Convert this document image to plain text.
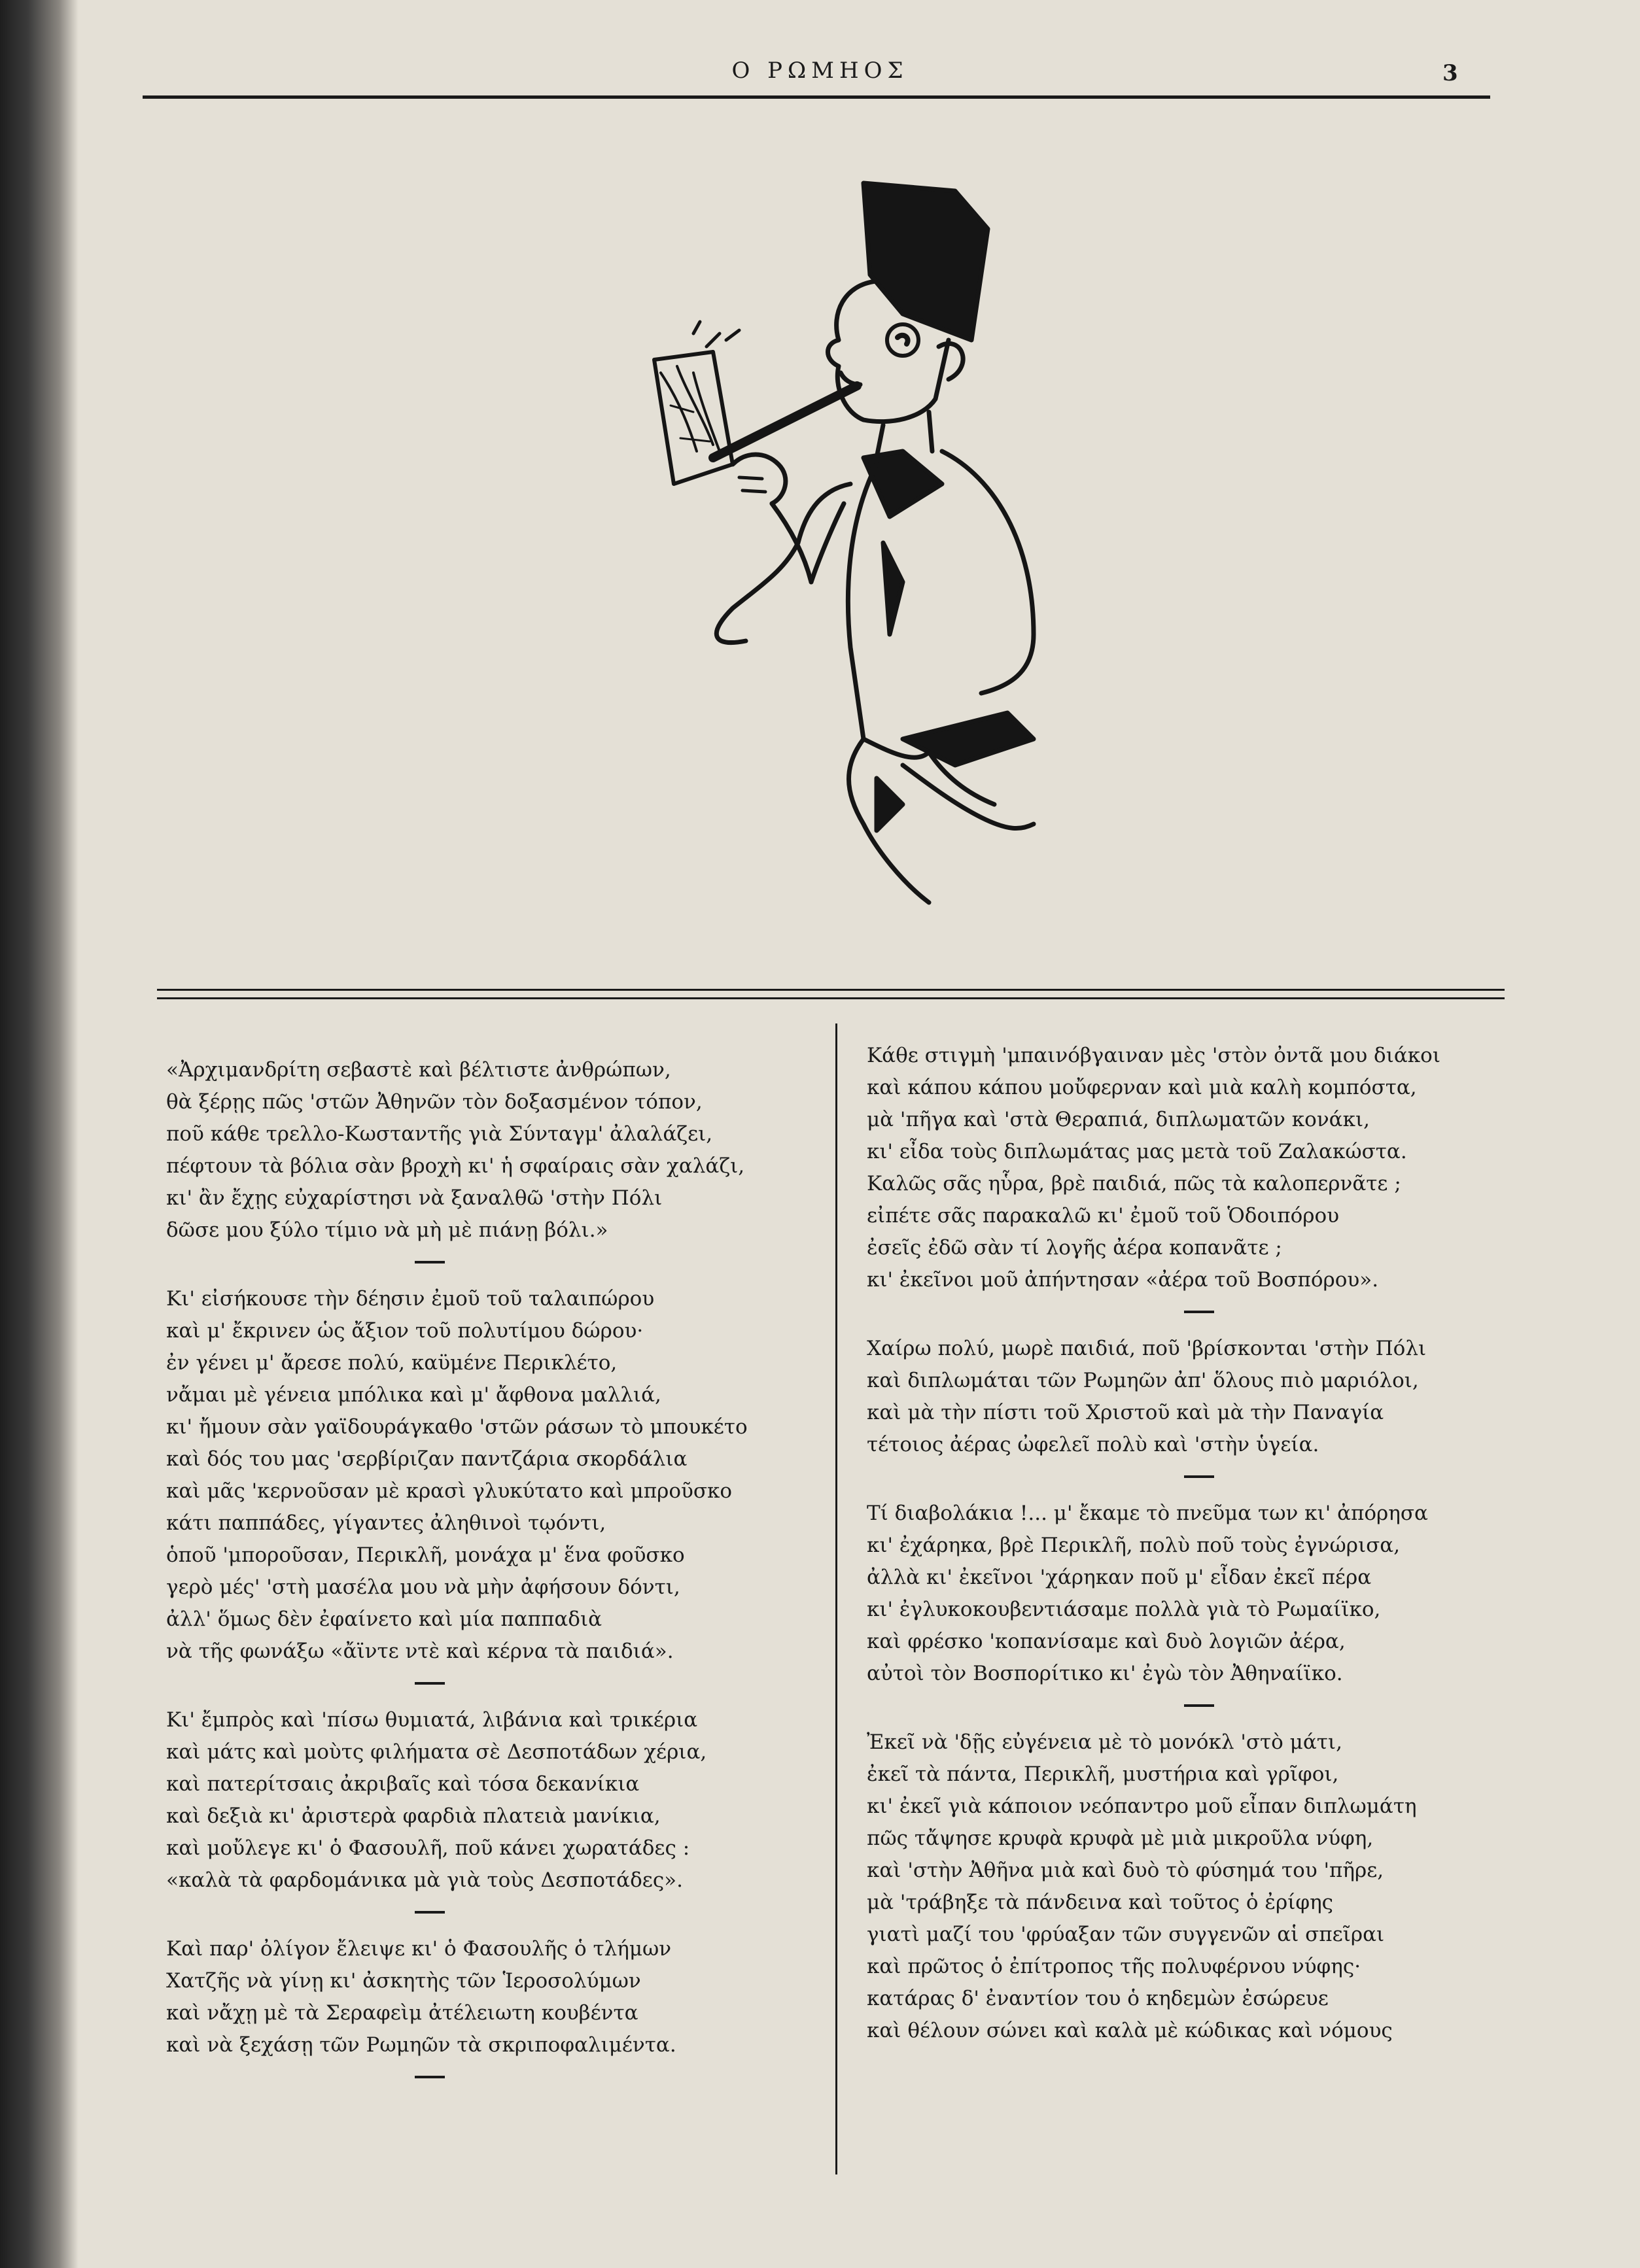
Ο ΡΩΜΗΟΣ	3
«Ἀρχιμανδρίτη σεβαστὲ καὶ βέλτιστε ἀνθρώπων,
θὰ ξέρῃς πῶς 'στῶν Ἀθηνῶν τὸν δοξασμένον τόπον,
ποῦ κάθε τρελλο-Κωσταντῆς γιὰ Σύνταγμ' ἀλαλάζει,
πέφτουν τὰ βόλια σὰν βροχὴ κι' ἡ σφαίραις σὰν χαλάζι,
κι' ἂν ἔχῃς εὐχαρίστησι νὰ ξαναλθῶ 'στὴν Πόλι
δῶσε μου ξύλο τίμιο νὰ μὴ μὲ πιάνῃ βόλι.»
Κι' εἰσήκουσε τὴν δέησιν ἐμοῦ τοῦ ταλαιπώρου
καὶ μ' ἔκρινεν ὡς ἄξιον τοῦ πολυτίμου δώρου·
ἐν γένει μ' ἄρεσε πολύ, καϋμένε Περικλέτο,
νἄμαι μὲ γένεια μπόλικα καὶ μ' ἄφθονα μαλλιά,
κι' ἤμουν σὰν γαϊδουράγκαθο 'στῶν ράσων τὸ μπουκέτο
καὶ δός του μας 'σερβίριζαν παντζάρια σκορδάλια
καὶ μᾶς 'κερνοῦσαν μὲ κρασὶ γλυκύτατο καὶ μπροῦσκο
κάτι παππάδες, γίγαντες ἀληθινοὶ τῳόντι,
ὁποῦ 'μποροῦσαν, Περικλῆ, μονάχα μ' ἕνα φοῦσκο
γερὸ μές' 'στὴ μασέλα μου νὰ μὴν ἀφήσουν δόντι,
ἀλλ' ὅμως δὲν ἐφαίνετο καὶ μία παππαδιὰ
νὰ τῆς φωνάξω «ἄϊντε ντὲ καὶ κέρνα τὰ παιδιά».
Κι' ἔμπρὸς καὶ 'πίσω θυμιατά, λιβάνια καὶ τρικέρια
καὶ μάτς καὶ μοὺτς φιλήματα σὲ Δεσποτάδων χέρια,
καὶ πατερίτσαις ἀκριβαῖς καὶ τόσα δεκανίκια
καὶ δεξιὰ κι' ἀριστερὰ φαρδιὰ πλατειὰ μανίκια,
καὶ μοὔλεγε κι' ὁ Φασουλῆ, ποῦ κάνει χωρατάδες :
«καλὰ τὰ φαρδομάνικα μὰ γιὰ τοὺς Δεσποτάδες».
Καὶ παρ' ὀλίγον ἔλειψε κι' ὁ Φασουλῆς ὁ τλήμων
Χατζῆς νὰ γίνῃ κι' ἀσκητὴς τῶν Ἱεροσολύμων
καὶ νἄχῃ μὲ τὰ Σεραφεὶμ ἀτέλειωτη κουβέντα
καὶ νὰ ξεχάσῃ τῶν Ρωμηῶν τὰ σκριποφαλιμέντα.
Κάθε στιγμὴ 'μπαινόβγαιναν μὲς 'στὸν ὀντᾶ μου διάκοι
καὶ κάπου κάπου μοὔφερναν καὶ μιὰ καλὴ κομπόστα,
μὰ 'πῆγα καὶ 'στὰ Θεραπιά, διπλωματῶν κονάκι,
κι' εἶδα τοὺς διπλωμάτας μας μετὰ τοῦ Ζαλακώστα.
Καλῶς σᾶς ηὗρα, βρὲ παιδιά, πῶς τὰ καλοπερνᾶτε ;
εἰπέτε σᾶς παρακαλῶ κι' ἐμοῦ τοῦ Ὁδοιπόρου
ἐσεῖς ἐδῶ σὰν τί λογῆς ἀέρα κοπανᾶτε ;
κι' ἐκεῖνοι μοῦ ἀπήντησαν «ἀέρα τοῦ Βοσπόρου».
Χαίρω πολύ, μωρὲ παιδιά, ποῦ 'βρίσκονται 'στὴν Πόλι
καὶ διπλωμάται τῶν Ρωμηῶν ἀπ' ὅλους πιὸ μαριόλοι,
καὶ μὰ τὴν πίστι τοῦ Χριστοῦ καὶ μὰ τὴν Παναγία
τέτοιος ἀέρας ὠφελεῖ πολὺ καὶ 'στὴν ὑγεία.
Τί διαβολάκια !... μ' ἔκαμε τὸ πνεῦμα των κι' ἀπόρησα
κι' ἐχάρηκα, βρὲ Περικλῆ, πολὺ ποῦ τοὺς ἐγνώρισα,
ἀλλὰ κι' ἐκεῖνοι 'χάρηκαν ποῦ μ' εἶδαν ἐκεῖ πέρα
κι' ἐγλυκοκουβεντιάσαμε πολλὰ γιὰ τὸ Ρωμαίϊκο,
καὶ φρέσκο 'κοπανίσαμε καὶ δυὸ λογιῶν ἀέρα,
αὐτοὶ τὸν Βοσπορίτικο κι' ἐγὼ τὸν Ἀθηναίϊκο.
Ἐκεῖ νὰ 'δῇς εὐγένεια μὲ τὸ μονόκλ 'στὸ μάτι,
ἐκεῖ τὰ πάντα, Περικλῆ, μυστήρια καὶ γρῖφοι,
κι' ἐκεῖ γιὰ κάποιον νεόπαντρο μοῦ εἶπαν διπλωμάτη
πῶς τἄψησε κρυφὰ κρυφὰ μὲ μιὰ μικροῦλα νύφη,
καὶ 'στὴν Ἀθῆνα μιὰ καὶ δυὸ τὸ φύσημά του 'πῆρε,
μὰ 'τράβηξε τὰ πάνδεινα καὶ τοῦτος ὁ ἐρίφης
γιατὶ μαζί του 'φρύαξαν τῶν συγγενῶν αἱ σπεῖραι
καὶ πρῶτος ὁ ἐπίτροπος τῆς πολυφέρνου νύφης·
κατάρας δ' ἐναντίον του ὁ κηδεμὼν ἐσώρευε
καὶ θέλουν σώνει καὶ καλὰ μὲ κώδικας καὶ νόμους
